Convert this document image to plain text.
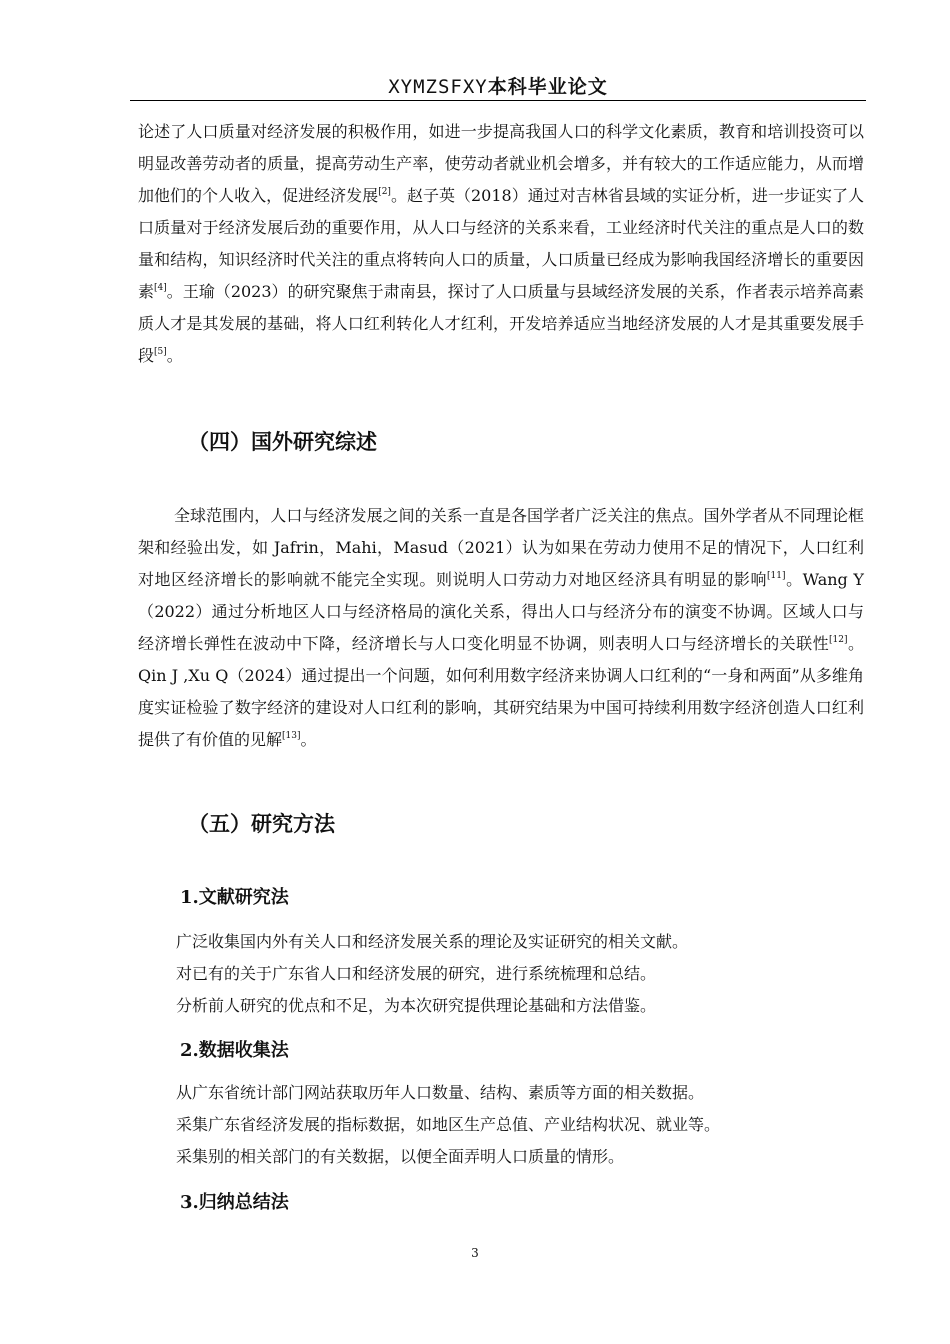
XYMZSFXY本科毕业论文

论述了人口质量对经济发展的积极作用，如进一步提高我国人口的科学文化素质，教育和培训投资可以明显改善劳动者的质量，提高劳动生产率，使劳动者就业机会增多，并有较大的工作适应能力，从而增加他们的个人收入，促进经济发展[2]。赵子英（2018）通过对吉林省县域的实证分析，进一步证实了人口质量对于经济发展后劲的重要作用，从人口与经济的关系来看，工业经济时代关注的重点是人口的数量和结构，知识经济时代关注的重点将转向人口的质量，人口质量已经成为影响我国经济增长的重要因素[4]。王瑜（2023）的研究聚焦于肃南县，探讨了人口质量与县域经济发展的关系，作者表示培养高素质人才是其发展的基础，将人口红利转化人才红利，开发培养适应当地经济发展的人才是其重要发展手段[5]。

（四）国外研究综述

全球范围内，人口与经济发展之间的关系一直是各国学者广泛关注的焦点。国外学者从不同理论框架和经验出发，如 Jafrin，Mahi，Masud（2021）认为如果在劳动力使用不足的情况下，人口红利对地区经济增长的影响就不能完全实现。则说明人口劳动力对地区经济具有明显的影响[11]。Wang Y（2022）通过分析地区人口与经济格局的演化关系，得出人口与经济分布的演变不协调。区域人口与经济增长弹性在波动中下降，经济增长与人口变化明显不协调，则表明人口与经济增长的关联性[12]。Qin J ,Xu Q（2024）通过提出一个问题，如何利用数字经济来协调人口红利的“一身和两面”从多维角度实证检验了数字经济的建设对人口红利的影响，其研究结果为中国可持续利用数字经济创造人口红利提供了有价值的见解[13]。

（五）研究方法
1.文献研究法

广泛收集国内外有关人口和经济发展关系的理论及实证研究的相关文献。

对已有的关于广东省人口和经济发展的研究，进行系统梳理和总结。

分析前人研究的优点和不足，为本次研究提供理论基础和方法借鉴。

2.数据收集法

从广东省统计部门网站获取历年人口数量、结构、素质等方面的相关数据。

采集广东省经济发展的指标数据，如地区生产总值、产业结构状况、就业等。

采集别的相关部门的有关数据，以便全面弄明人口质量的情形。

3.归纳总结法
3
